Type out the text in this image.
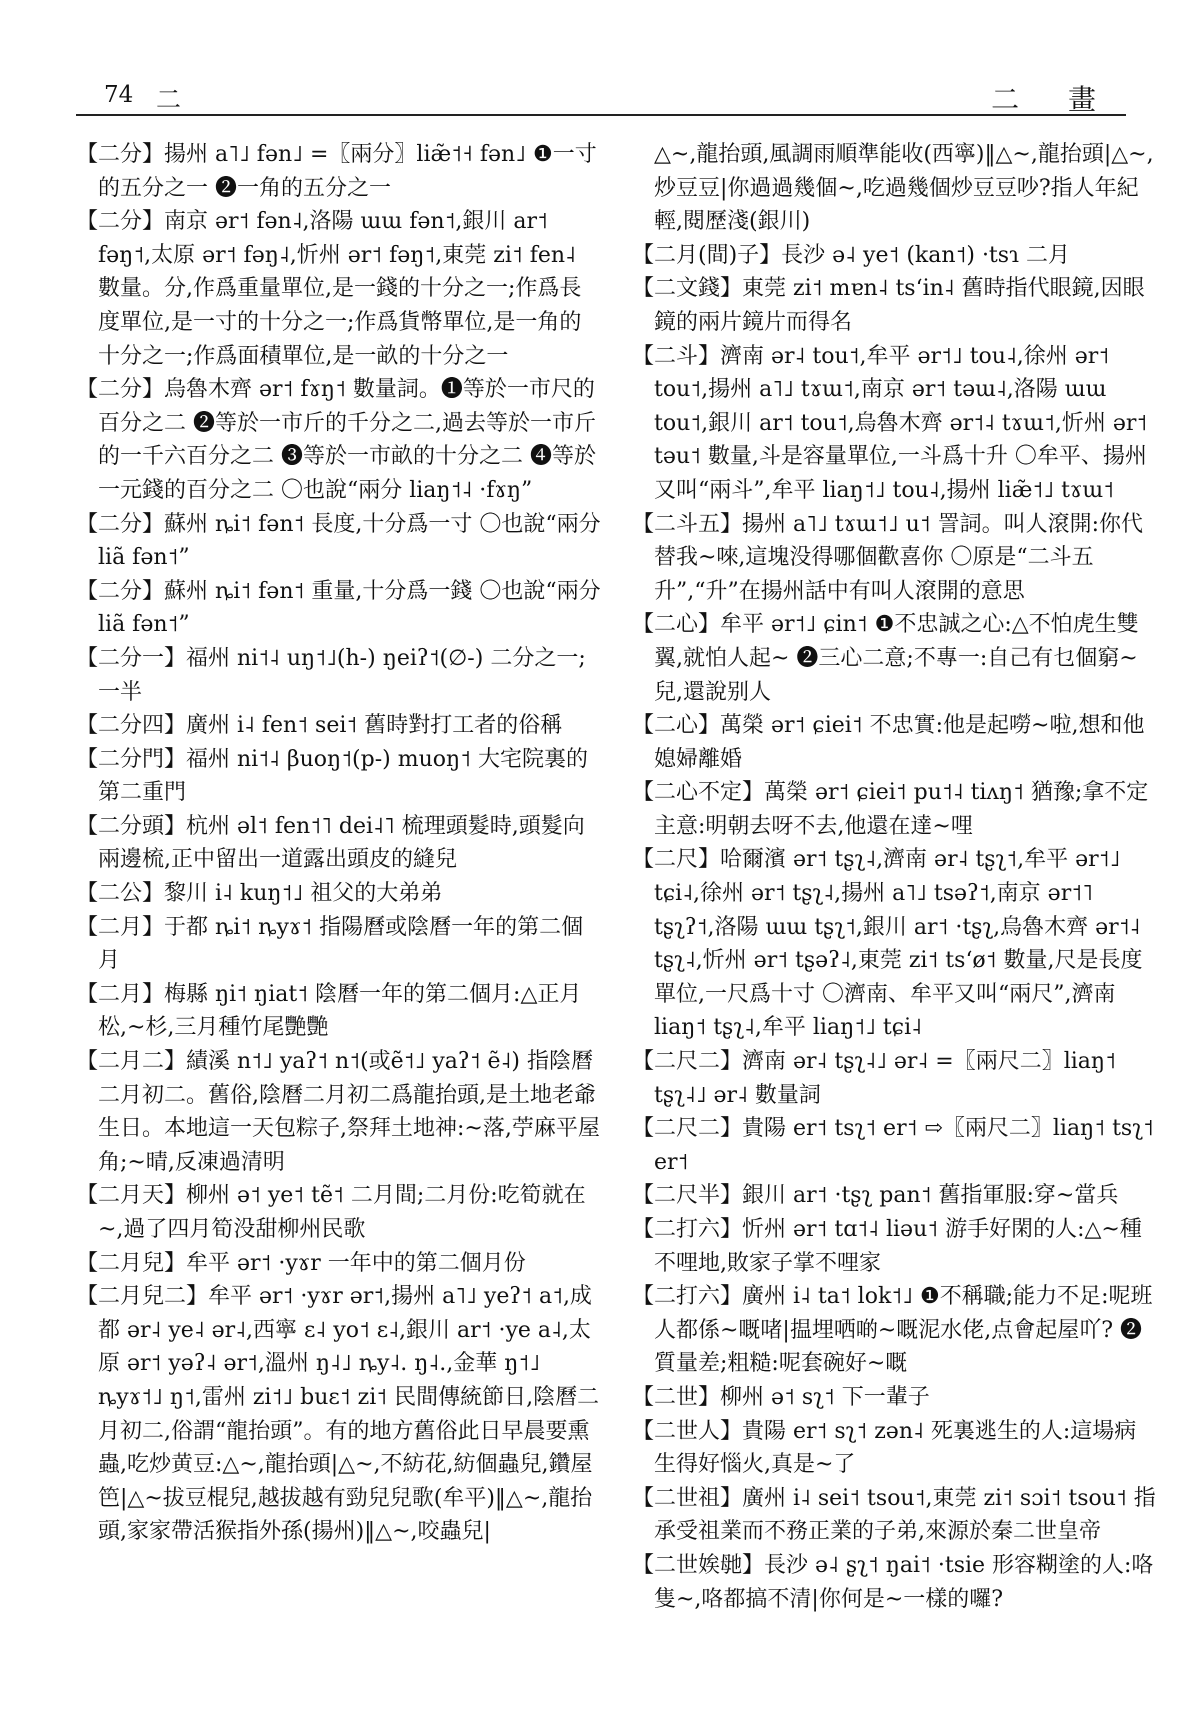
74 二	二 畫
【二分】揚州 a˥˩ fən˩ =〖兩分〗liæ̃˦˧ fən˩ ❶一寸的五分之一 ❷一角的五分之一
【二分】南京 ər˦ fən˨,洛陽 ɯɯ fən˦,銀川 ar˦ fəŋ˦,太原 ər˦ fəŋ˨,忻州 ər˦ fəŋ˦,東莞 zi˦ fen˨ 數量。分,作爲重量單位,是一錢的十分之一;作爲長度單位,是一寸的十分之一;作爲貨幣單位,是一角的十分之一;作爲面積單位,是一畝的十分之一
【二分】烏魯木齊 ər˦ fɤŋ˦ 數量詞。❶等於一市尺的百分之二 ❷等於一市斤的千分之二,過去等於一市斤的一千六百分之二 ❸等於一市畝的十分之二 ❹等於一元錢的百分之二 〇也說“兩分 liaŋ˦˨ ·fɤŋ”
【二分】蘇州 ȵi˦ fən˦ 長度,十分爲一寸 〇也說“兩分 liã fən˦”
【二分】蘇州 ȵi˦ fən˦ 重量,十分爲一錢 〇也說“兩分 liã fən˦”
【二分一】福州 ni˦˨ uŋ˦˩(h-) ŋeiʔ˦(∅-) 二分之一;一半
【二分四】廣州 i˨ fen˦ sei˦ 舊時對打工者的俗稱
【二分門】福州 ni˦˨ βuoŋ˦(p-) muoŋ˦ 大宅院裏的第二重門
【二分頭】杭州 əl˦ fen˦˥ dei˨˥ 梳理頭髮時,頭髮向兩邊梳,正中留出一道露出頭皮的縫兒
【二公】黎川 i˨ kuŋ˦˩ 祖父的大弟弟
【二月】于都 ȵi˦ ȵyɤ˦ 指陽曆或陰曆一年的第二個月
【二月】梅縣 ŋi˦ ŋiat˦ 陰曆一年的第二個月:△正月松,~杉,三月種竹尾艷艷
【二月二】績溪 n˦˩ yaʔ˦ n˦(或ẽ˦˩ yaʔ˦ ẽ˨) 指陰曆二月初二。舊俗,陰曆二月初二爲龍抬頭,是土地老爺生日。本地這一天包粽子,祭拜土地神:~落,苧麻平屋角;~晴,反凍過清明
【二月天】柳州 ə˦ ye˦ tẽ˦ 二月間;二月份:吃筍就在~,過了四月筍没甜柳州民歌
【二月兒】牟平 ər˦ ·yɤr 一年中的第二個月份
【二月兒二】牟平 ər˦ ·yɤr ər˦,揚州 a˥˩ yeʔ˦ a˦,成都 ər˨ ye˨ ər˨,西寧 ɛ˨ yo˦ ɛ˨,銀川 ar˦ ·ye a˨,太原 ər˦ yəʔ˨ ər˦,溫州 ŋ˨˩ ȵy˨. ŋ˨.,金華 ŋ˦˩ ȵyɤ˦˩ ŋ˦,雷州 zi˦˩ buɛ˦ zi˦ 民間傳統節日,陰曆二月初二,俗謂“龍抬頭”。有的地方舊俗此日早晨要熏蟲,吃炒黄豆:△~,龍抬頭|△~,不紡花,紡個蟲兒,鑽屋笆|△~拔豆棍兒,越拔越有勁兒兒歌(牟平)‖△~,龍抬頭,家家帶活猴指外孫(揚州)‖△~,咬蟲兒|
△~,龍抬頭,風調雨順準能收(西寧)‖△~,龍抬頭|△~,炒豆豆|你過過幾個~,吃過幾個炒豆豆吵?指人年紀輕,閱歷淺(銀川)
【二月(間)子】長沙 ə˨ ye˦ (kan˦) ·tsɿ 二月
【二文錢】東莞 zi˦ mɐn˨ tsʻin˨ 舊時指代眼鏡,因眼鏡的兩片鏡片而得名
【二斗】濟南 ər˨ tou˦,牟平 ər˦˩ tou˨,徐州 ər˦ tou˦,揚州 a˥˩ tɤɯ˦,南京 ər˦ təɯ˨,洛陽 ɯɯ tou˦,銀川 ar˦ tou˦,烏魯木齊 ər˦˨ tɤɯ˦,忻州 ər˦ təu˦ 數量,斗是容量單位,一斗爲十升 〇牟平、揚州又叫“兩斗”,牟平 liaŋ˦˩ tou˨,揚州 liæ̃˦˩ tɤɯ˦
【二斗五】揚州 a˥˩ tɤɯ˦˩ u˦ 詈詞。叫人滾開:你代替我~唻,這塊没得哪個歡喜你 〇原是“二斗五升”,“升”在揚州話中有叫人滾開的意思
【二心】牟平 ər˦˩ ɕin˦ ❶不忠誠之心:△不怕虎生雙翼,就怕人起~ ❷三心二意;不專一:自己有乜個窮~兒,還說别人
【二心】萬榮 ər˦ ɕiei˦ 不忠實:他是起嘮~啦,想和他媳婦離婚
【二心不定】萬榮 ər˦ ɕiei˦ pu˦˨ tiʌŋ˦ 猶豫;拿不定主意:明朝去呀不去,他還在達~哩
【二尺】哈爾濱 ər˦ tʂʅ˨,濟南 ər˨ tʂʅ˦,牟平 ər˦˩ tɕi˨,徐州 ər˦ tʂʅ˨,揚州 a˥˩ tsəʔ˦,南京 ər˦˥ tʂʅʔ˦,洛陽 ɯɯ tʂʅ˦,銀川 ar˦ ·tʂʅ,烏魯木齊 ər˦˨ tʂʅ˨,忻州 ər˦ tʂəʔ˨,東莞 zi˦ tsʻø˦ 數量,尺是長度單位,一尺爲十寸 〇濟南、牟平又叫“兩尺”,濟南 liaŋ˦ tʂʅ˨,牟平 liaŋ˦˩ tɕi˨
【二尺二】濟南 ər˨ tʂʅ˨˩ ər˨ =〖兩尺二〗liaŋ˦ tʂʅ˨˩ ər˨ 數量詞
【二尺二】貴陽 er˦ tsʅ˦ er˦ ⇨〖兩尺二〗liaŋ˦ tsʅ˦ er˦
【二尺半】銀川 ar˦ ·tʂʅ pan˦ 舊指軍服:穿~當兵
【二打六】忻州 ər˦ tɑ˦˨ liəu˦ 游手好閑的人:△~種不哩地,敗家子掌不哩家
【二打六】廣州 i˨ ta˦ lok˦˩ ❶不稱職;能力不足:呢班人都係~嘅啫|揾埋哂啲~嘅泥水佬,点會起屋吖? ❷質量差;粗糙:呢套碗好~嘅
【二世】柳州 ə˦ sʅ˦ 下一輩子
【二世人】貴陽 er˦ sʅ˦ zən˨ 死裏逃生的人:這場病生得好惱火,真是~了
【二世祖】廣州 i˨ sei˦ tsou˦,東莞 zi˦ sɔi˦ tsou˦ 指承受祖業而不務正業的子弟,來源於秦二世皇帝
【二世娭毑】長沙 ə˨ ʂʅ˦ ŋai˦ ·tsie 形容糊塗的人:咯隻~,咯都搞不清|你何是~一樣的囉?
